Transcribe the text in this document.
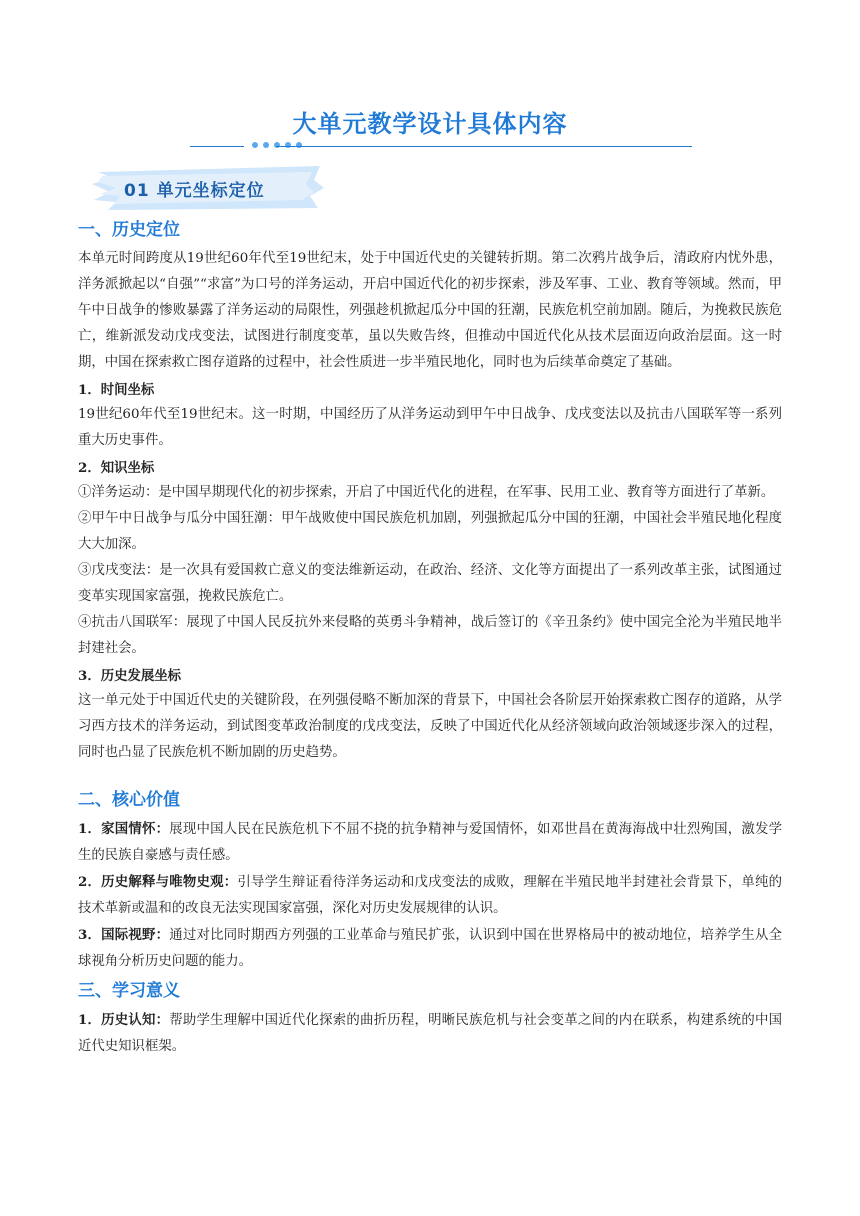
大单元教学设计具体内容
01 单元坐标定位
一、历史定位
本单元时间跨度从19世纪60年代至19世纪末，处于中国近代史的关键转折期。第二次鸦片战争后，清政府内忧外患，洋务派掀起以“自强”“求富”为口号的洋务运动，开启中国近代化的初步探索，涉及军事、工业、教育等领域。然而，甲午中日战争的惨败暴露了洋务运动的局限性，列强趁机掀起瓜分中国的狂潮，民族危机空前加剧。随后，为挽救民族危亡，维新派发动戊戌变法，试图进行制度变革，虽以失败告终，但推动中国近代化从技术层面迈向政治层面。这一时期，中国在探索救亡图存道路的过程中，社会性质进一步半殖民地化，同时也为后续革命奠定了基础。
1．时间坐标
19世纪60年代至19世纪末。这一时期，中国经历了从洋务运动到甲午中日战争、戊戌变法以及抗击八国联军等一系列重大历史事件。
2．知识坐标
①洋务运动：是中国早期现代化的初步探索，开启了中国近代化的进程，在军事、民用工业、教育等方面进行了革新。
②甲午中日战争与瓜分中国狂潮：甲午战败使中国民族危机加剧，列强掀起瓜分中国的狂潮，中国社会半殖民地化程度大大加深。
③戊戌变法：是一次具有爱国救亡意义的变法维新运动，在政治、经济、文化等方面提出了一系列改革主张，试图通过变革实现国家富强，挽救民族危亡。
④抗击八国联军：展现了中国人民反抗外来侵略的英勇斗争精神，战后签订的《辛丑条约》使中国完全沦为半殖民地半封建社会。
3．历史发展坐标
这一单元处于中国近代史的关键阶段，在列强侵略不断加深的背景下，中国社会各阶层开始探索救亡图存的道路，从学习西方技术的洋务运动，到试图变革政治制度的戊戌变法，反映了中国近代化从经济领域向政治领域逐步深入的过程，同时也凸显了民族危机不断加剧的历史趋势。
二、核心价值
1．家国情怀：展现中国人民在民族危机下不屈不挠的抗争精神与爱国情怀，如邓世昌在黄海海战中壮烈殉国，激发学生的民族自豪感与责任感。
2．历史解释与唯物史观：引导学生辩证看待洋务运动和戊戌变法的成败，理解在半殖民地半封建社会背景下，单纯的技术革新或温和的改良无法实现国家富强，深化对历史发展规律的认识。
3．国际视野：通过对比同时期西方列强的工业革命与殖民扩张，认识到中国在世界格局中的被动地位，培养学生从全球视角分析历史问题的能力。
三、学习意义
1．历史认知：帮助学生理解中国近代化探索的曲折历程，明晰民族危机与社会变革之间的内在联系，构建系统的中国近代史知识框架。
